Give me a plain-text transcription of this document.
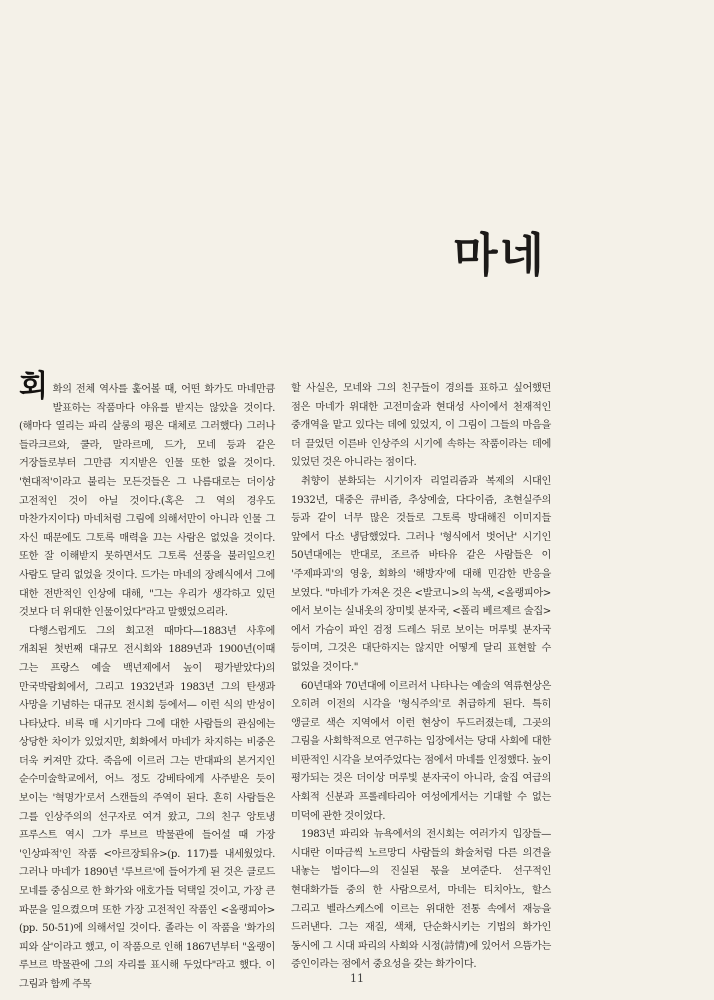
마네

회화의 전체 역사를 훑어볼 때, 어떤 화가도 마네만큼 발표하는 작품마다 야유를 받지는 않았을 것이다.(해마다 열리는 파리 살롱의 평은 대체로 그러했다) 그러나 들라크르와, 쿨라, 말라르메, 드가, 모네 등과 같은 거장들로부터 그만큼 지지받은 인물 또한 없을 것이다. '현대적'이라고 불리는 모든것들은 그 나름대로는 더이상 고전적인 것이 아닐 것이다.(혹은 그 역의 경우도 마찬가지이다) 마네처럼 그림에 의해서만이 아니라 인물 그 자신 때문에도 그토록 매력을 끄는 사람은 없었을 것이다. 또한 잘 이해받지 못하면서도 그토록 선풍을 불러일으킨 사람도 달리 없었을 것이다. 드가는 마네의 장례식에서 그에 대한 전반적인 인상에 대해, "그는 우리가 생각하고 있던 것보다 더 위대한 인물이었다"라고 말했었으리라.

다행스럽게도 그의 회고전 때마다—1883년 사후에 개최된 첫번째 대규모 전시회와 1889년과 1900년(이때 그는 프랑스 예술 백년제에서 높이 평가받았다)의 만국박람회에서, 그리고 1932년과 1983년 그의 탄생과 사망을 기념하는 대규모 전시회 등에서— 이런 식의 반성이 나타났다. 비록 매 시기마다 그에 대한 사람들의 관심에는 상당한 차이가 있었지만, 회화에서 마네가 차지하는 비중은 더욱 커져만 갔다. 죽음에 이르러 그는 반대파의 본거지인 순수미술학교에서, 어느 정도 강베타에게 사주받은 듯이 보이는 '혁명가'로서 스캔들의 주역이 된다. 흔히 사람들은 그를 인상주의의 선구자로 여겨 왔고, 그의 친구 앙토냉 프루스트 역시 그가 루브르 박물관에 들어설 때 가장 '인상파적'인 작품 <아르장퇴유>(p. 117)를 내세웠었다. 그러나 마네가 1890년 '루브르'에 들어가게 된 것은 클로드 모네를 중심으로 한 화가와 애호가들 덕택일 것이고, 가장 큰 파문을 일으켰으며 또한 가장 고전적인 작품인 <올랭피아>(pp. 50-51)에 의해서일 것이다. 졸라는 이 작품을 '화가의 피와 살'이라고 했고, 이 작품으로 인해 1867년부터 "올랭이 루브르 박물관에 그의 자리를 표시해 두었다"라고 했다. 이 그림과 함께 주목

할 사실은, 모네와 그의 친구들이 경의를 표하고 싶어했던 점은 마네가 위대한 고전미술과 현대성 사이에서 천재적인 중개역을 맡고 있다는 데에 있었지, 이 그림이 그들의 마음을 더 끌었던 이른바 인상주의 시기에 속하는 작품이라는 데에 있었던 것은 아니라는 점이다.

취향이 분화되는 시기이자 리얼리즘과 복제의 시대인 1932년, 대중은 큐비즘, 추상예술, 다다이즘, 초현실주의 등과 같이 너무 많은 것들로 그토록 방대해진 이미지들 앞에서 다소 냉담했었다. 그러나 '형식에서 벗어난' 시기인 50년대에는 반대로, 조르쥬 바타유 같은 사람들은 이 '주제파괴'의 영웅, 회화의 '해방자'에 대해 민감한 반응을 보였다. "마네가 가져온 것은 <발코니>의 녹색, <올랭피아>에서 보이는 실내옷의 장미빛 분자국, <폴리 베르제르 술집>에서 가슴이 파인 검정 드레스 뒤로 보이는 머루빛 분자국 등이며, 그것은 대단하지는 않지만 어떻게 달리 표현할 수 없었을 것이다."

60년대와 70년대에 이르러서 나타나는 예술의 역류현상은 오히려 이전의 시각을 '형식주의'로 취급하게 된다. 특히 앵글로 색슨 지역에서 이런 현상이 두드러졌는데, 그곳의 그림을 사회학적으로 연구하는 입장에서는 당대 사회에 대한 비판적인 시각을 보여주었다는 점에서 마네를 인정했다. 높이 평가되는 것은 더이상 머루빛 분자국이 아니라, 술집 여급의 사회적 신분과 프롤레타리아 여성에게서는 기대할 수 없는 미덕에 관한 것이었다.

1983년 파리와 뉴욕에서의 전시회는 여러가지 입장들—시대란 이따금씩 노르망디 사람들의 화술처럼 다른 의견을 내놓는 법이다—의 진실된 몫을 보여준다. 선구적인 현대화가들 중의 한 사람으로서, 마네는 티치아노, 할스 그리고 벨라스케스에 이르는 위대한 전통 속에서 재능을 드러낸다. 그는 재질, 색채, 단순화시키는 기법의 화가인 동시에 그 시대 파리의 사회와 시정(詩情)에 있어서 으뜸가는 증인이라는 점에서 중요성을 갖는 화가이다.

11
